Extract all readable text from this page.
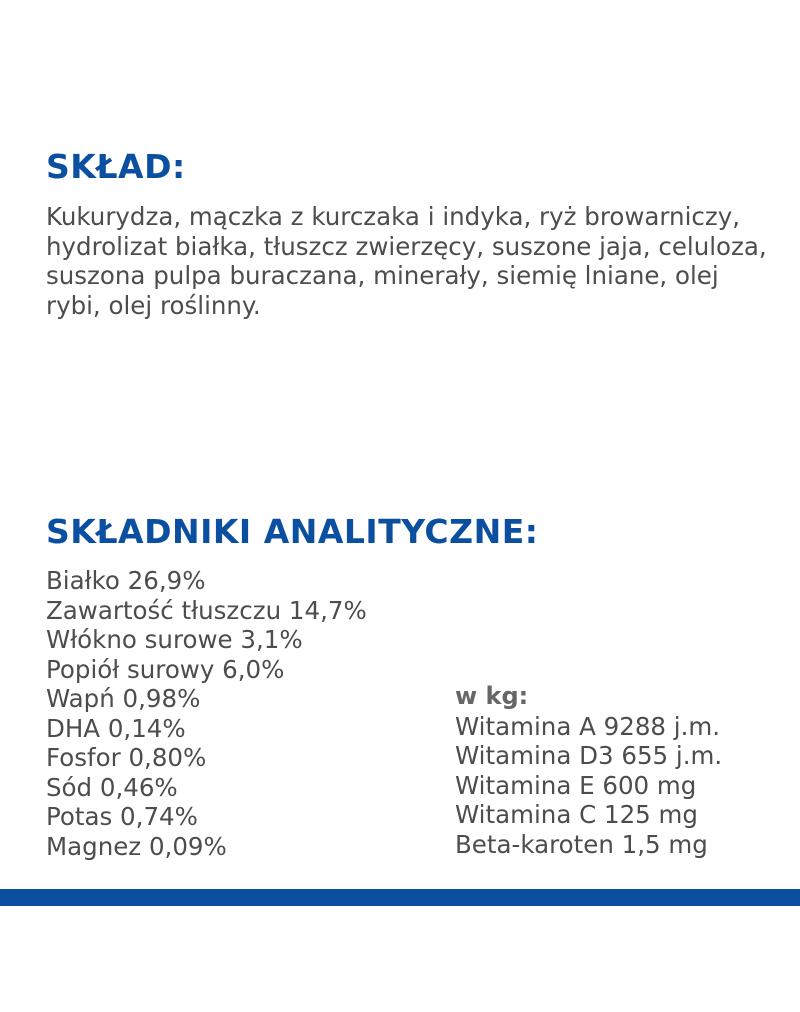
SKŁAD:

Kukurydza, mączka z kurczaka i indyka, ryż browarniczy, hydrolizat białka, tłuszcz zwierzęcy, suszone jaja, celuloza, suszona pulpa buraczana, minerały, siemię lniane, olej rybi, olej roślinny.

SKŁADNIKI ANALITYCZNE:
Białko 26,9%
Zawartość tłuszczu 14,7%
Włókno surowe 3,1%
Popiół surowy 6,0%
Wapń 0,98%
DHA 0,14%
Fosfor 0,80%
Sód 0,46%
Potas 0,74%
Magnez 0,09%

w kg:

Witamina A 9288 j.m.
Witamina D3 655 j.m.
Witamina E 600 mg
Witamina C 125 mg
Beta-karoten 1,5 mg
